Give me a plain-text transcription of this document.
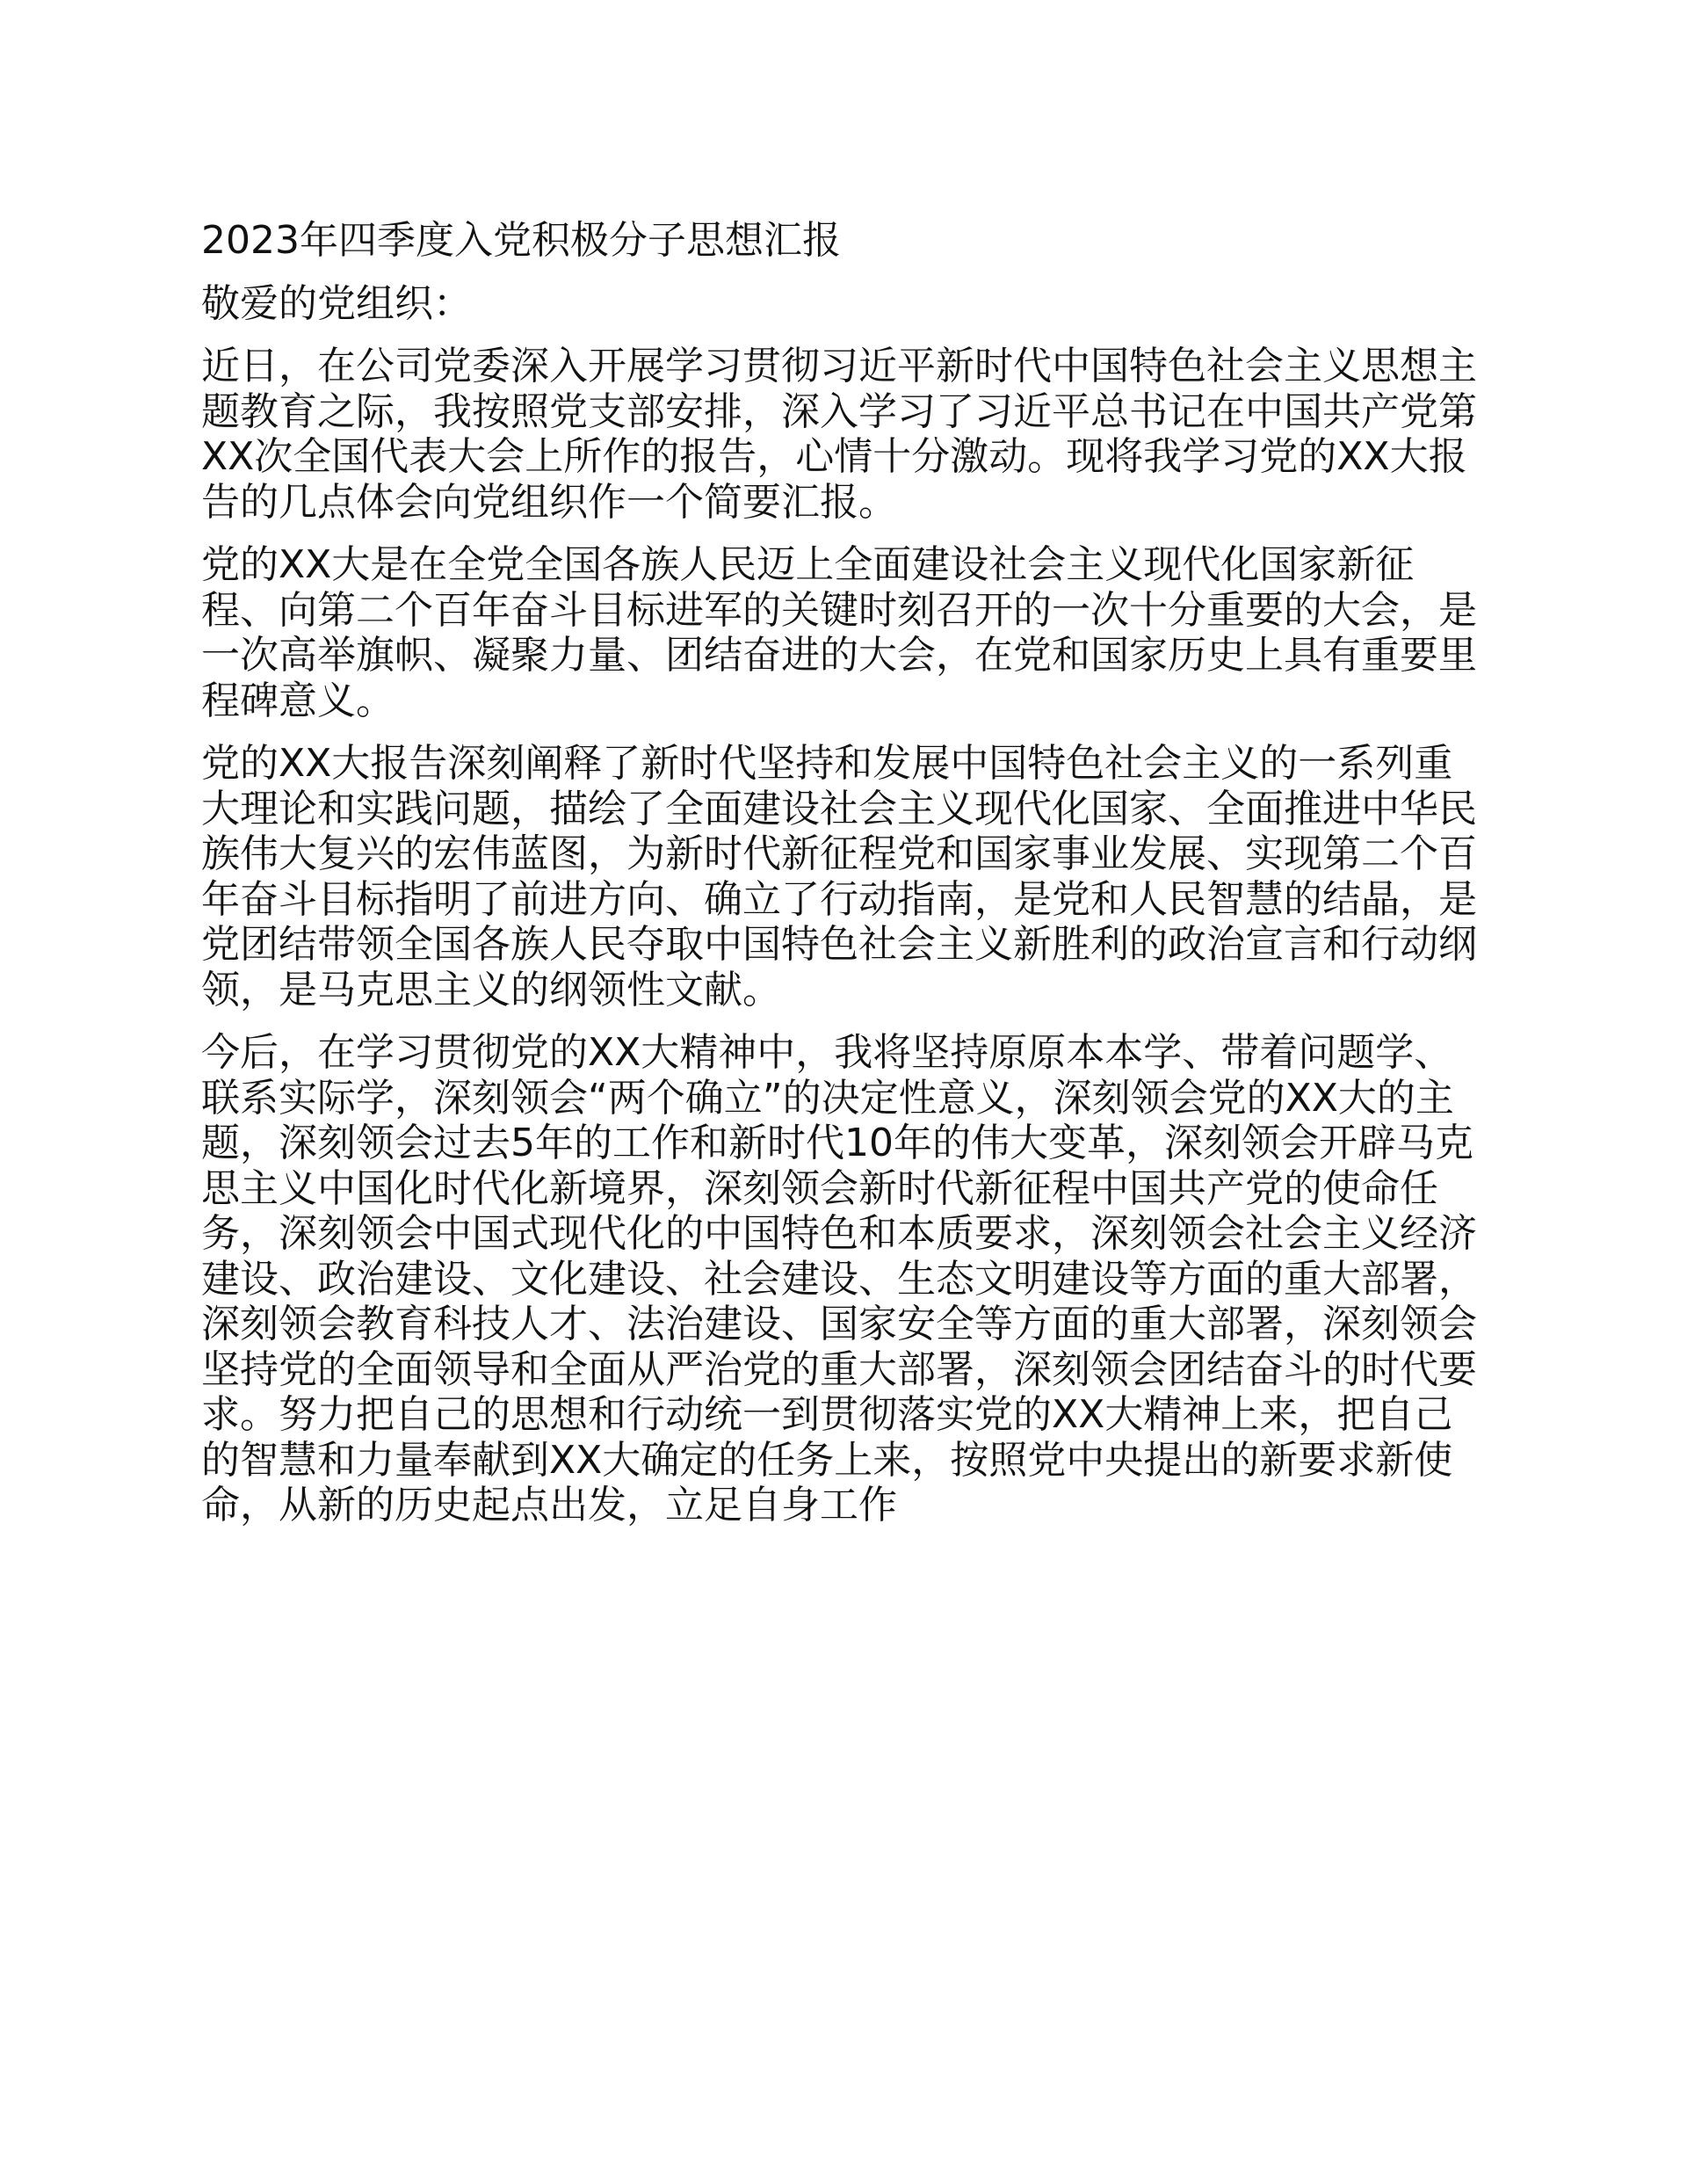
2023年四季度入党积极分子思想汇报

敬爱的党组织：

近日，在公司党委深入开展学习贯彻习近平新时代中国特色社会主义思想主题教育之际，我按照党支部安排，深入学习了习近平总书记在中国共产党第XX次全国代表大会上所作的报告，心情十分激动。现将我学习党的XX大报告的几点体会向党组织作一个简要汇报。

党的XX大是在全党全国各族人民迈上全面建设社会主义现代化国家新征程、向第二个百年奋斗目标进军的关键时刻召开的一次十分重要的大会，是一次高举旗帜、凝聚力量、团结奋进的大会，在党和国家历史上具有重要里程碑意义。

党的XX大报告深刻阐释了新时代坚持和发展中国特色社会主义的一系列重大理论和实践问题，描绘了全面建设社会主义现代化国家、全面推进中华民族伟大复兴的宏伟蓝图，为新时代新征程党和国家事业发展、实现第二个百年奋斗目标指明了前进方向、确立了行动指南，是党和人民智慧的结晶，是党团结带领全国各族人民夺取中国特色社会主义新胜利的政治宣言和行动纲领，是马克思主义的纲领性文献。

今后，在学习贯彻党的XX大精神中，我将坚持原原本本学、带着问题学、联系实际学，深刻领会“两个确立”的决定性意义，深刻领会党的XX大的主题，深刻领会过去5年的工作和新时代10年的伟大变革，深刻领会开辟马克思主义中国化时代化新境界，深刻领会新时代新征程中国共产党的使命任务，深刻领会中国式现代化的中国特色和本质要求，深刻领会社会主义经济建设、政治建设、文化建设、社会建设、生态文明建设等方面的重大部署，深刻领会教育科技人才、法治建设、国家安全等方面的重大部署，深刻领会坚持党的全面领导和全面从严治党的重大部署，深刻领会团结奋斗的时代要求。努力把自己的思想和行动统一到贯彻落实党的XX大精神上来，把自己的智慧和力量奉献到XX大确定的任务上来，按照党中央提出的新要求新使命，从新的历史起点出发，立足自身工作
